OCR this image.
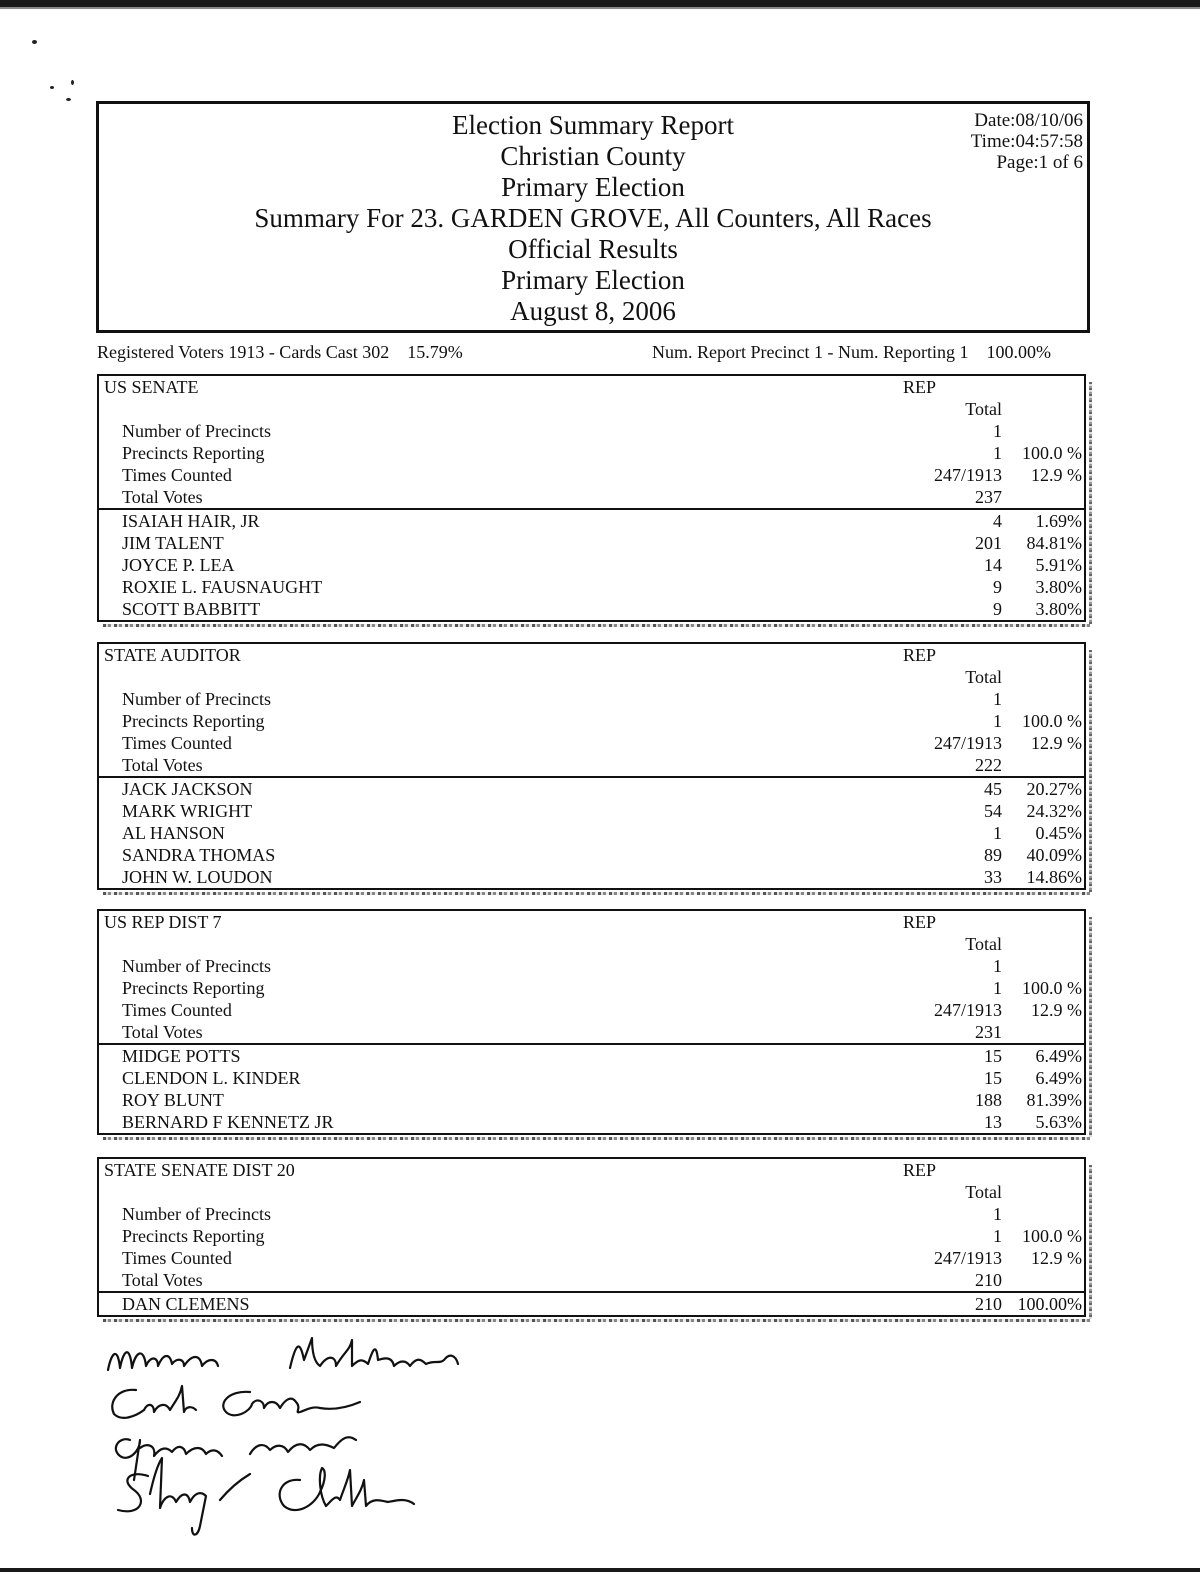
Election Summary Report
Christian County
Primary Election
Summary For 23. GARDEN GROVE, All Counters, All Races
Official Results
Primary Election
August 8, 2006
Date:08/10/06
Time:04:57:58
Page:1 of 6
Registered Voters 1913 - Cards Cast 302    15.79%	Num. Report Precinct 1 - Num. Reporting 1    100.00%
US SENATE	REP
Total
Number of Precincts	1
Precincts Reporting	1 100.0 %
Times Counted	247/1913 12.9 %
Total Votes	237
ISAIAH HAIR, JR	4 1.69%
JIM TALENT	201 84.81%
JOYCE P. LEA	14 5.91%
ROXIE L. FAUSNAUGHT	9 3.80%
SCOTT BABBITT	9 3.80%
STATE AUDITOR	REP
Total
Number of Precincts	1
Precincts Reporting	1 100.0 %
Times Counted	247/1913 12.9 %
Total Votes	222
JACK JACKSON	45 20.27%
MARK WRIGHT	54 24.32%
AL HANSON	1 0.45%
SANDRA THOMAS	89 40.09%
JOHN W. LOUDON	33 14.86%
US REP DIST 7	REP
Total
Number of Precincts	1
Precincts Reporting	1 100.0 %
Times Counted	247/1913 12.9 %
Total Votes	231
MIDGE POTTS	15 6.49%
CLENDON L. KINDER	15 6.49%
ROY BLUNT	188 81.39%
BERNARD F KENNETZ JR	13 5.63%
STATE SENATE DIST 20	REP
Total
Number of Precincts	1
Precincts Reporting	1 100.0 %
Times Counted	247/1913 12.9 %
Total Votes	210
DAN CLEMENS	210 100.00%
